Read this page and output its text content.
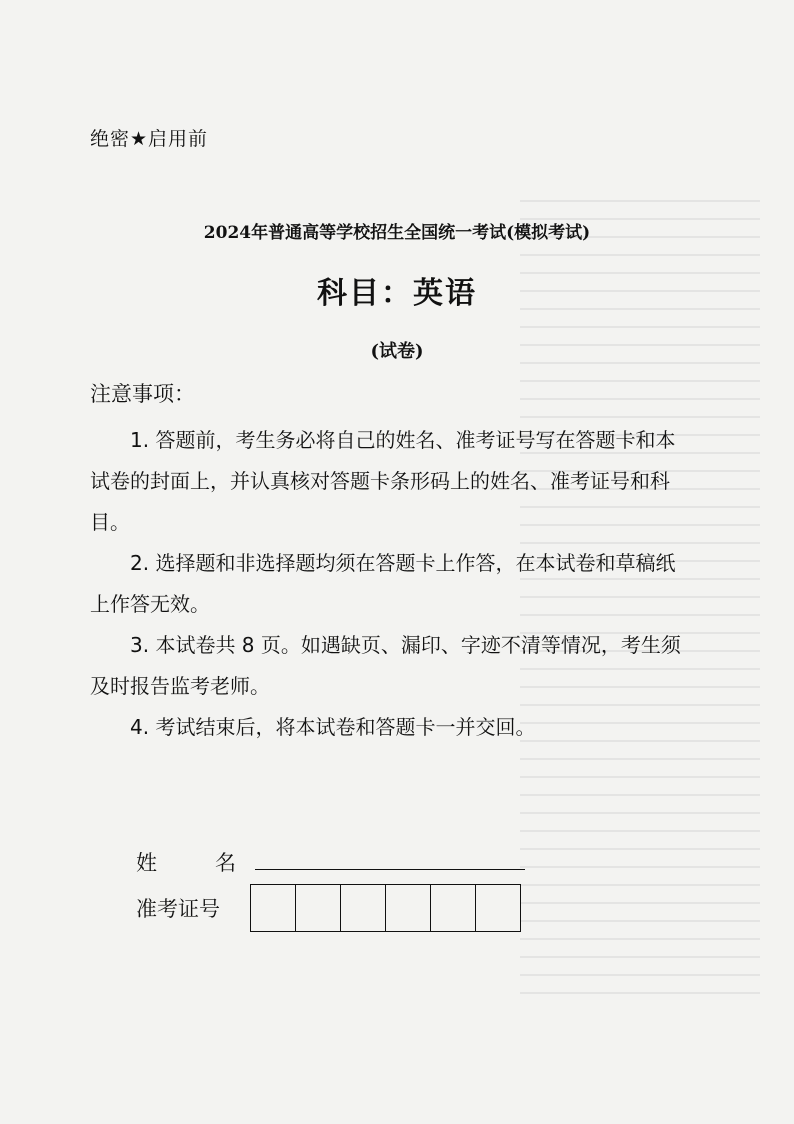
绝密★启用前
2024年普通高等学校招生全国统一考试(模拟考试)
科目：英语
(试卷)
注意事项：

1. 答题前，考生务必将自己的姓名、准考证号写在答题卡和本试卷的封面上，并认真核对答题卡条形码上的姓名、准考证号和科目。

2. 选择题和非选择题均须在答题卡上作答，在本试卷和草稿纸上作答无效。

3. 本试卷共 8 页。如遇缺页、漏印、字迹不清等情况，考生须及时报告监考老师。

4. 考试结束后，将本试卷和答题卡一并交回。

姓名
准考证号
